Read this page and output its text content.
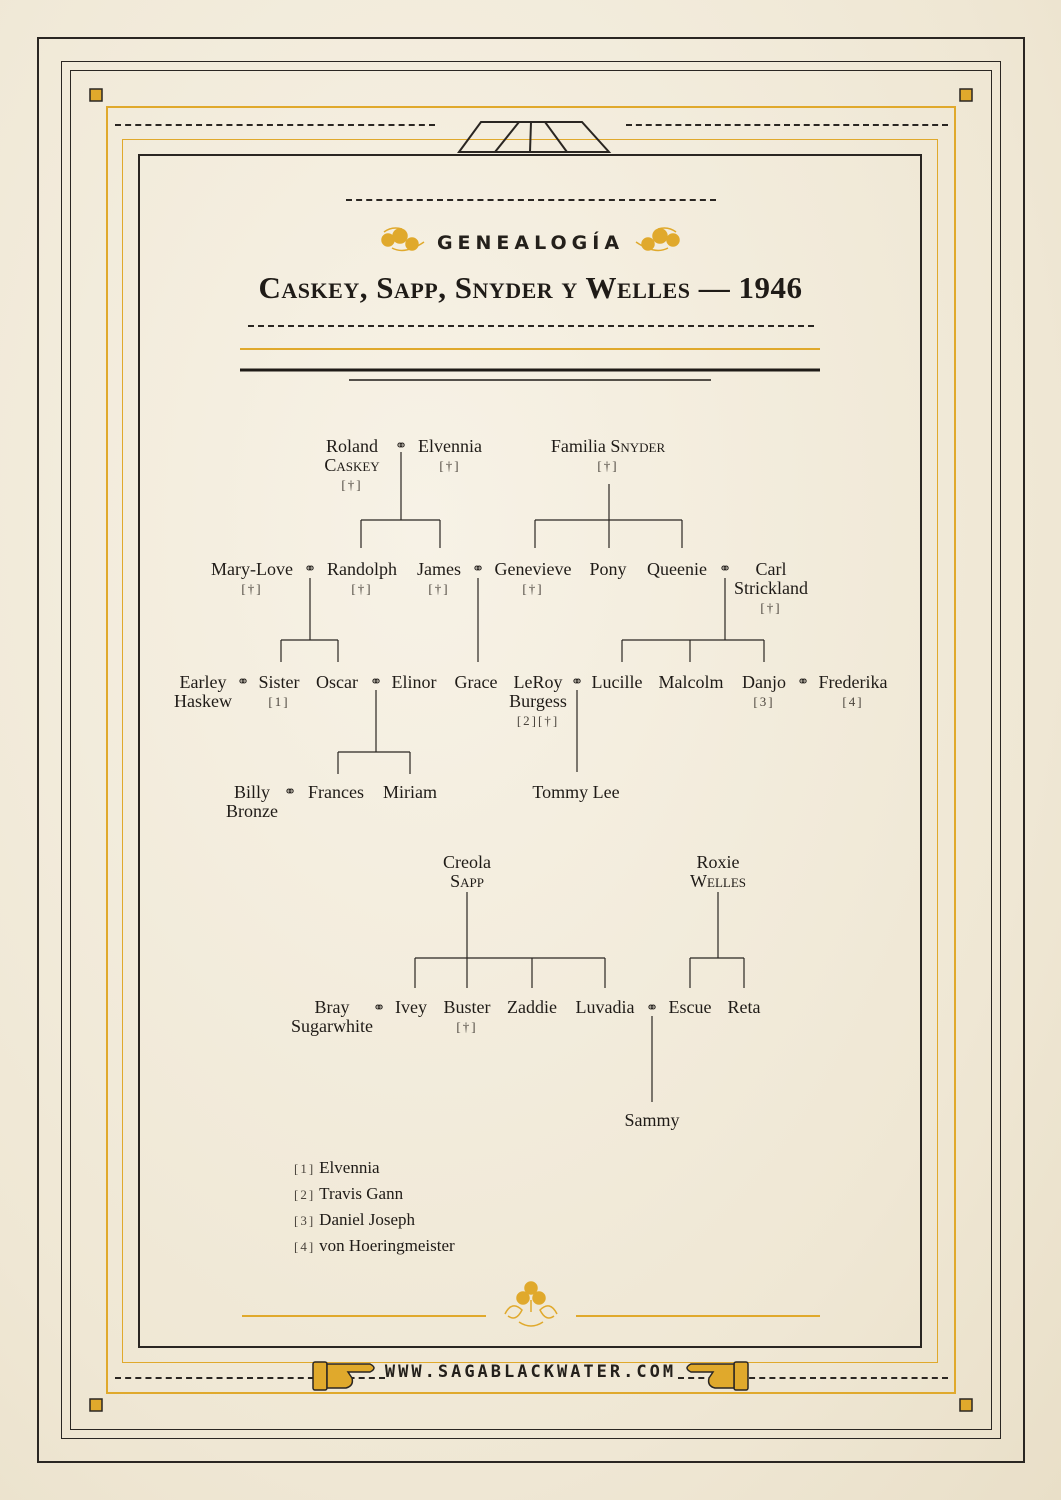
GENEALOGÍA
Caskey, Sapp, Snyder y Welles — 1946
Roland
Caskey
[†]
⚭ Elvennia
[†]
Familia Snyder
[†]
Mary-Love
[†]
⚭ Randolph
[†]
James
[†]
⚭ Genevieve
[†]
Pony Queenie ⚭	Carl
Strickland
[†]
Earley
Haskew
⚭ Sister
[1]
Oscar ⚭ Elinor Grace LeRoy
Burgess
[2][†]
⚭ Lucille Malcolm Danjo
[3]
⚭ Frederika
[4]
Billy
Bronze
⚭ Frances Miriam	Tommy Lee
Creola
Sapp
Roxie
Welles
Bray
Sugarwhite
⚭ Ivey Buster
[†]
Zaddie Luvadia ⚭ Escue Reta
Sammy
[1] Elvennia
[2] Travis Gann
[3] Daniel Joseph
[4] von Hoeringmeister
WWW.SAGABLACKWATER.COM
